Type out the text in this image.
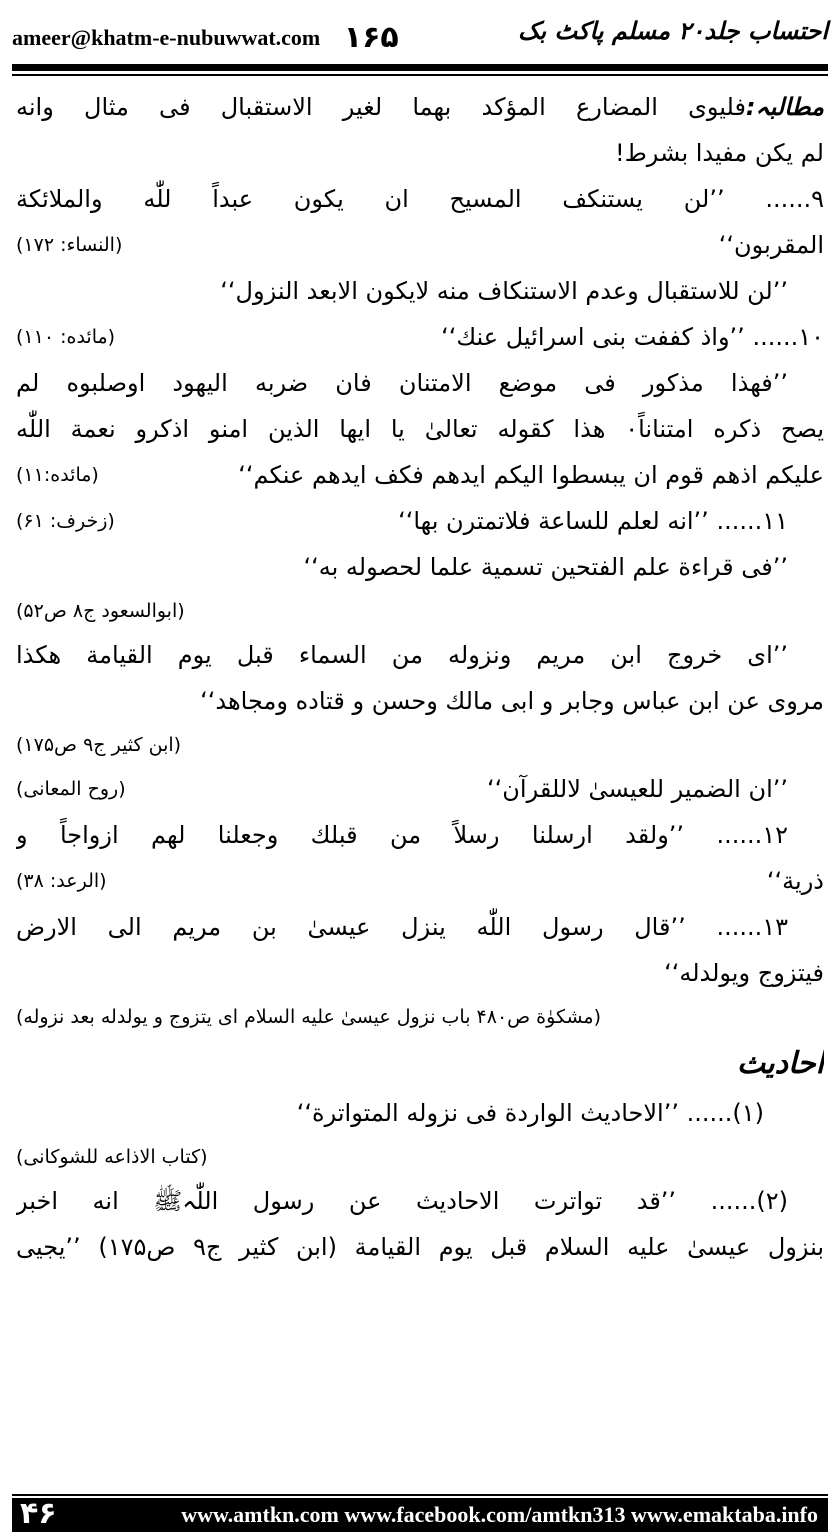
ameer@khatm-e-nubuwwat.com ۱۶۵	احتساب جلد۲۰ مسلم پاکٹ بک
مطالبہ:فلیوی المضارع المؤکد بهما لغیر الاستقبال فی مثال وانه
لم یکن مفیدا بشرط!
۹...... ’’لن یستنکف المسیح ان یکون عبداً للّٰه والملائکة
المقربون‘‘
(النساء: ۱۷۲)
’’لن للاستقبال وعدم الاستنکاف منه لایکون الابعد النزول‘‘
۱۰...... ’’واذ کففت بنی اسرائیل عنك‘‘
(مائده: ۱۱۰)
’’فهذا مذکور فی موضع الامتنان فان ضربه الیهود اوصلبوه لم
یصح ذکره امتناناً۰ هذا کقوله تعالیٰ یا ایها الذین امنو اذکرو نعمة اللّٰه
علیکم اذهم قوم ان یبسطوا الیکم ایدهم فکف ایدهم عنکم‘‘
(مائده:۱۱)
۱۱...... ’’انه لعلم للساعة فلاتمترن بها‘‘
(زخرف: ۶۱)
’’فی قراءة علم الفتحین تسمیة علما لحصوله به‘‘
(ابوالسعود ج۸ ص۵۲)
’’ای خروج ابن مریم ونزوله من السماء قبل یوم القیامة هکذا
مروی عن ابن عباس وجابر و ابی مالك وحسن و قتاده ومجاهد‘‘
(ابن کثیر ج۹ ص۱۷۵)
’’ان الضمیر للعیسیٰ لاللقرآن‘‘
(روح المعانی)
۱۲...... ’’ولقد ارسلنا رسلاً من قبلك وجعلنا لهم ازواجاً و
ذریة‘‘
(الرعد: ۳۸)
۱۳...... ’’قال رسول اللّٰه ینزل عیسیٰ بن مریم الی الارض
فیتزوج ویولدله‘‘
(مشکوٰة ص۴۸۰ باب نزول عیسیٰ علیه السلام ای یتزوج و یولدله بعد نزوله)
احادیث
(۱)...... ’’الاحادیث الواردة فی نزوله المتواترة‘‘
(کتاب الاذاعه للشوکانی)
(۲)...... ’’قد تواترت الاحادیث عن رسول اللّٰہﷺ انه اخبر
بنزول عیسیٰ علیه السلام قبل یوم القیامة (ابن کثیر ج۹ ص۱۷۵) ’’یجیی
۴۶	www.amtkn.com www.facebook.com/amtkn313 www.emaktaba.info
